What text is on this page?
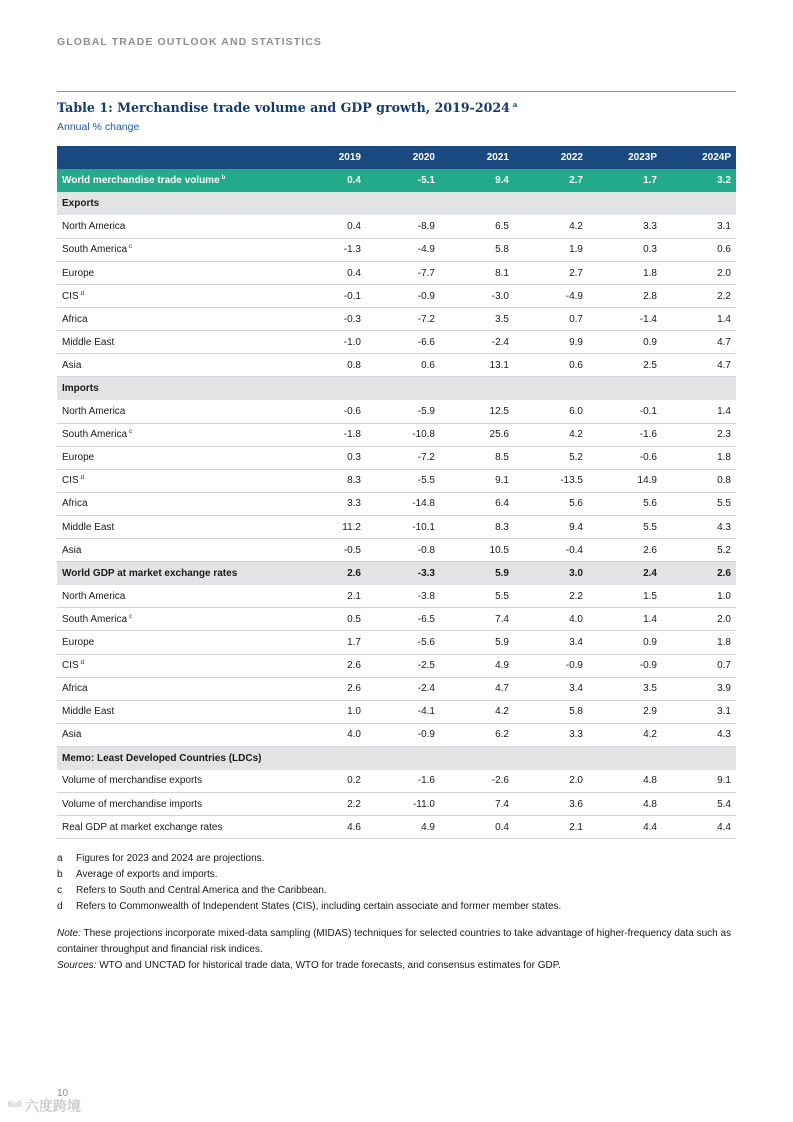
GLOBAL TRADE OUTLOOK AND STATISTICS
Table 1: Merchandise trade volume and GDP growth, 2019-2024 $^a$
Annual % change
	2019	2020	2021	2022	2023P	2024P
World merchandise trade volume $^b$	0.4	-5.1	9.4	2.7	1.7	3.2
Exports						
North America	0.4	-8.9	6.5	4.2	3.3	3.1
South America $^c$	-1.3	-4.9	5.8	1.9	0.3	0.6
Europe	0.4	-7.7	8.1	2.7	1.8	2.0
CIS $^d$	-0.1	-0.9	-3.0	-4.9	2.8	2.2
Africa	-0.3	-7.2	3.5	0.7	-1.4	1.4
Middle East	-1.0	-6.6	-2.4	9.9	0.9	4.7
Asia	0.8	0.6	13.1	0.6	2.5	4.7
Imports						
North America	-0.6	-5.9	12.5	6.0	-0.1	1.4
South America $^c$	-1.8	-10.8	25.6	4.2	-1.6	2.3
Europe	0.3	-7.2	8.5	5.2	-0.6	1.8
CIS $^d$	8.3	-5.5	9.1	-13.5	14.9	0.8
Africa	3.3	-14.8	6.4	5.6	5.6	5.5
Middle East	11.2	-10.1	8.3	9.4	5.5	4.3
Asia	-0.5	-0.8	10.5	-0.4	2.6	5.2
World GDP at market exchange rates	2.6	-3.3	5.9	3.0	2.4	2.6
North America	2.1	-3.8	5.5	2.2	1.5	1.0
South America $^c$	0.5	-6.5	7.4	4.0	1.4	2.0
Europe	1.7	-5.6	5.9	3.4	0.9	1.8
CIS $^d$	2.6	-2.5	4.9	-0.9	-0.9	0.7
Africa	2.6	-2.4	4.7	3.4	3.5	3.9
Middle East	1.0	-4.1	4.2	5.8	2.9	3.1
Asia	4.0	-0.9	6.2	3.3	4.2	4.3
Memo: Least Developed Countries (LDCs)						
Volume of merchandise exports	0.2	-1.6	-2.6	2.0	4.8	9.1
Volume of merchandise imports	2.2	-11.0	7.4	3.6	4.8	5.4
Real GDP at market exchange rates	4.6	4.9	0.4	2.1	4.4	4.4
a	Figures for 2023 and 2024 are projections.
b	Average of exports and imports.
c	Refers to South and Central America and the Caribbean.
d	Refers to Commonwealth of Independent States (CIS), including certain associate and former member states.
Note: These projections incorporate mixed-data sampling (MIDAS) techniques for selected countries to take advantage of higher-frequency data such as container throughput and financial risk indices.
Sources: WTO and UNCTAD for historical trade data, WTO for trade forecasts, and consensus estimates for GDP.
10
ᴷ⁶⁰ 六度跨境
